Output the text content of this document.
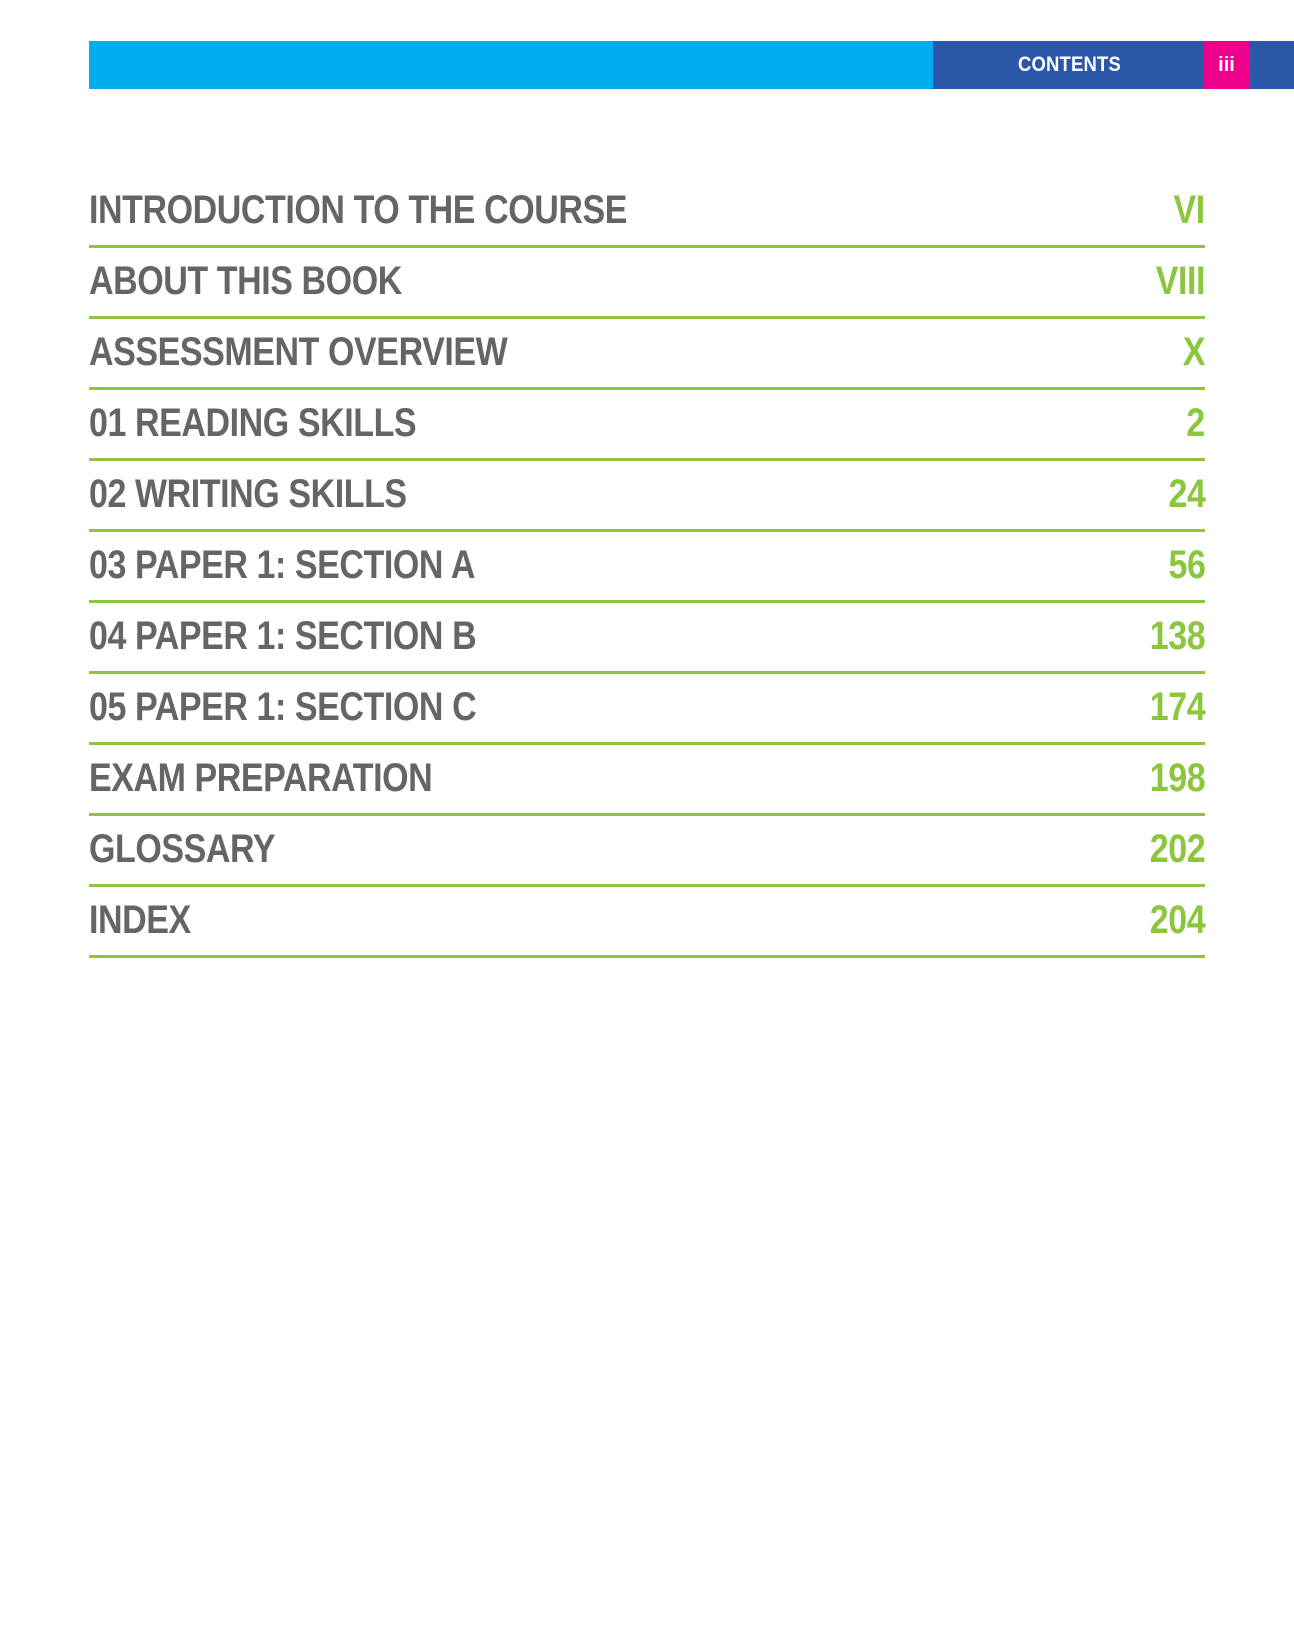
CONTENTS	iii
INTRODUCTION TO THE COURSE	VI
ABOUT THIS BOOK	VIII
ASSESSMENT OVERVIEW	X
01 READING SKILLS	2
02 WRITING SKILLS	24
03 PAPER 1: SECTION A	56
04 PAPER 1: SECTION B	138
05 PAPER 1: SECTION C	174
EXAM PREPARATION	198
GLOSSARY	202
INDEX	204
